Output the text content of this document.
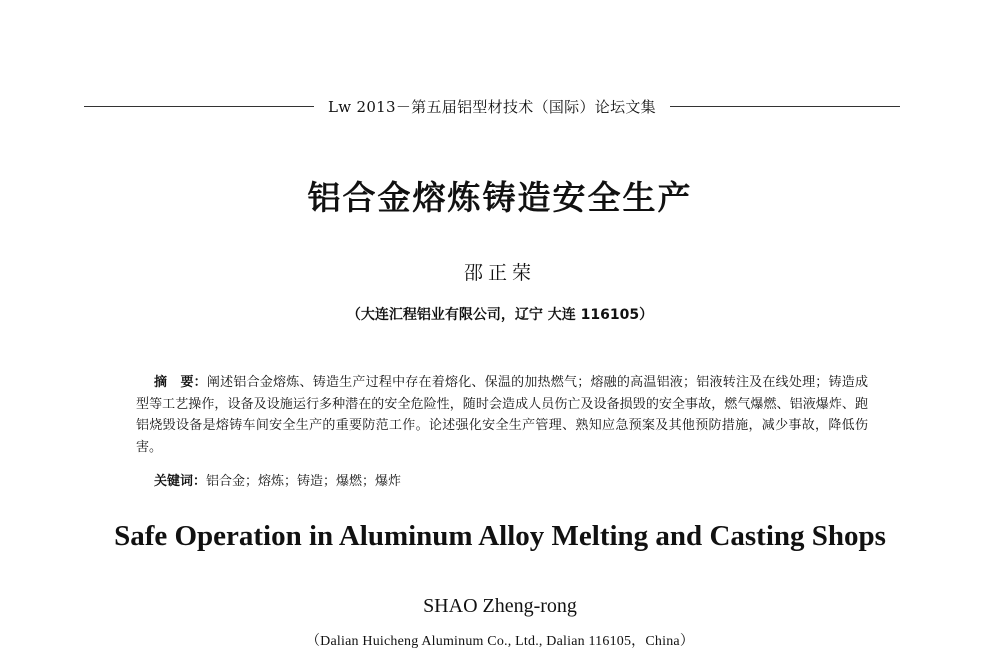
Lw 2013－第五届铝型材技术（国际）论坛文集
铝合金熔炼铸造安全生产
邵正荣
（大连汇程铝业有限公司，辽宁 大连 116105）
摘　要：阐述铝合金熔炼、铸造生产过程中存在着熔化、保温的加热燃气；熔融的高温铝液；铝液转注及在线处理；铸造成型等工艺操作，设备及设施运行多种潜在的安全危险性，随时会造成人员伤亡及设备损毁的安全事故，燃气爆燃、铝液爆炸、跑铝烧毁设备是熔铸车间安全生产的重要防范工作。论述强化安全生产管理、熟知应急预案及其他预防措施，减少事故，降低伤害。
关键词：铝合金；熔炼；铸造；爆燃；爆炸
Safe Operation in Aluminum Alloy Melting and Casting Shops
SHAO Zheng-rong
（Dalian Huicheng Aluminum Co., Ltd., Dalian 116105，China）
